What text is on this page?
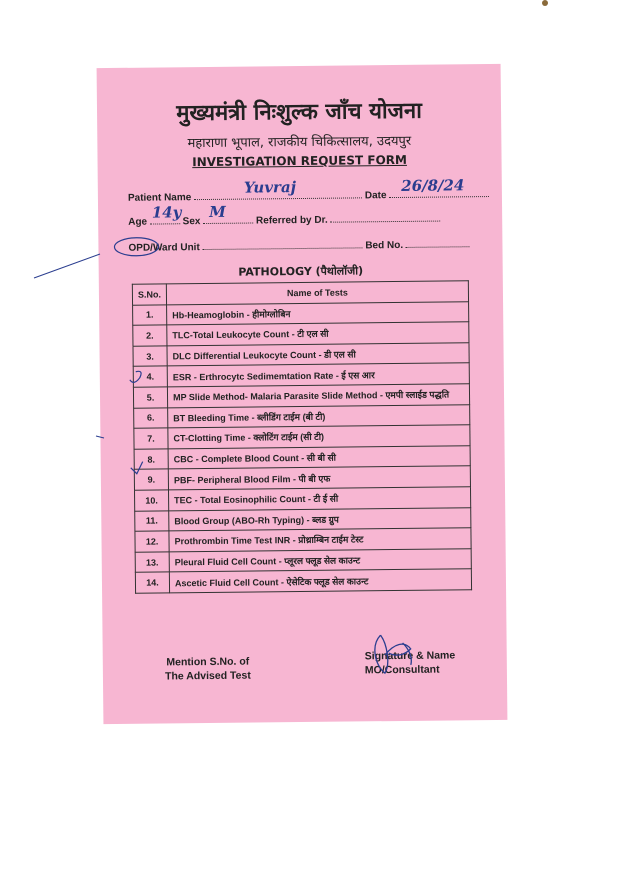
मुख्यमंत्री निःशुल्क जाँच योजना
महाराणा भूपाल, राजकीय चिकित्सालय, उदयपुर
INVESTIGATION REQUEST FORM
Patient Name
Yuvraj	Date
26/8/24
Age
14y
Sex
M	Referred by Dr.
OPD/Ward Unit	Bed No.
PATHOLOGY (पैथोलॉजी)
S.No.	Name of Tests
1.	Hb-Heamoglobin - हीमोग्लोबिन
2.	TLC-Total Leukocyte Count - टी एल सी
3.	DLC Differential Leukocyte Count - डी एल सी
4.	ESR - Erthrocytc Sedimemtation Rate - ई एस आर
5.	MP Slide Method- Malaria Parasite Slide Method - एमपी स्लाईड पद्धति
6.	BT Bleeding Time - ब्लीडिंग टाईम (बी टी)
7.	CT-Clotting Time - क्लोटिंग टाईम (सी टी)
8.	CBC - Complete Blood Count - सी बी सी
9.	PBF- Peripheral Blood Film - पी बी एफ
10.	TEC - Total Eosinophilic Count - टी ई सी
11.	Blood Group (ABO-Rh Typing) - ब्लड ग्रुप
12.	Prothrombin Time Test INR - प्रोथ्राम्बिन टाईम टेस्ट
13.	Pleural Fluid Cell Count - प्लूरल फ्लूड सेल काउन्ट
14.	Ascetic Fluid Cell Count - ऐसेटिक फ्लूड सेल काउन्ट
Mention S.No. of
The Advised Test
Signature & Name
MO/Consultant
